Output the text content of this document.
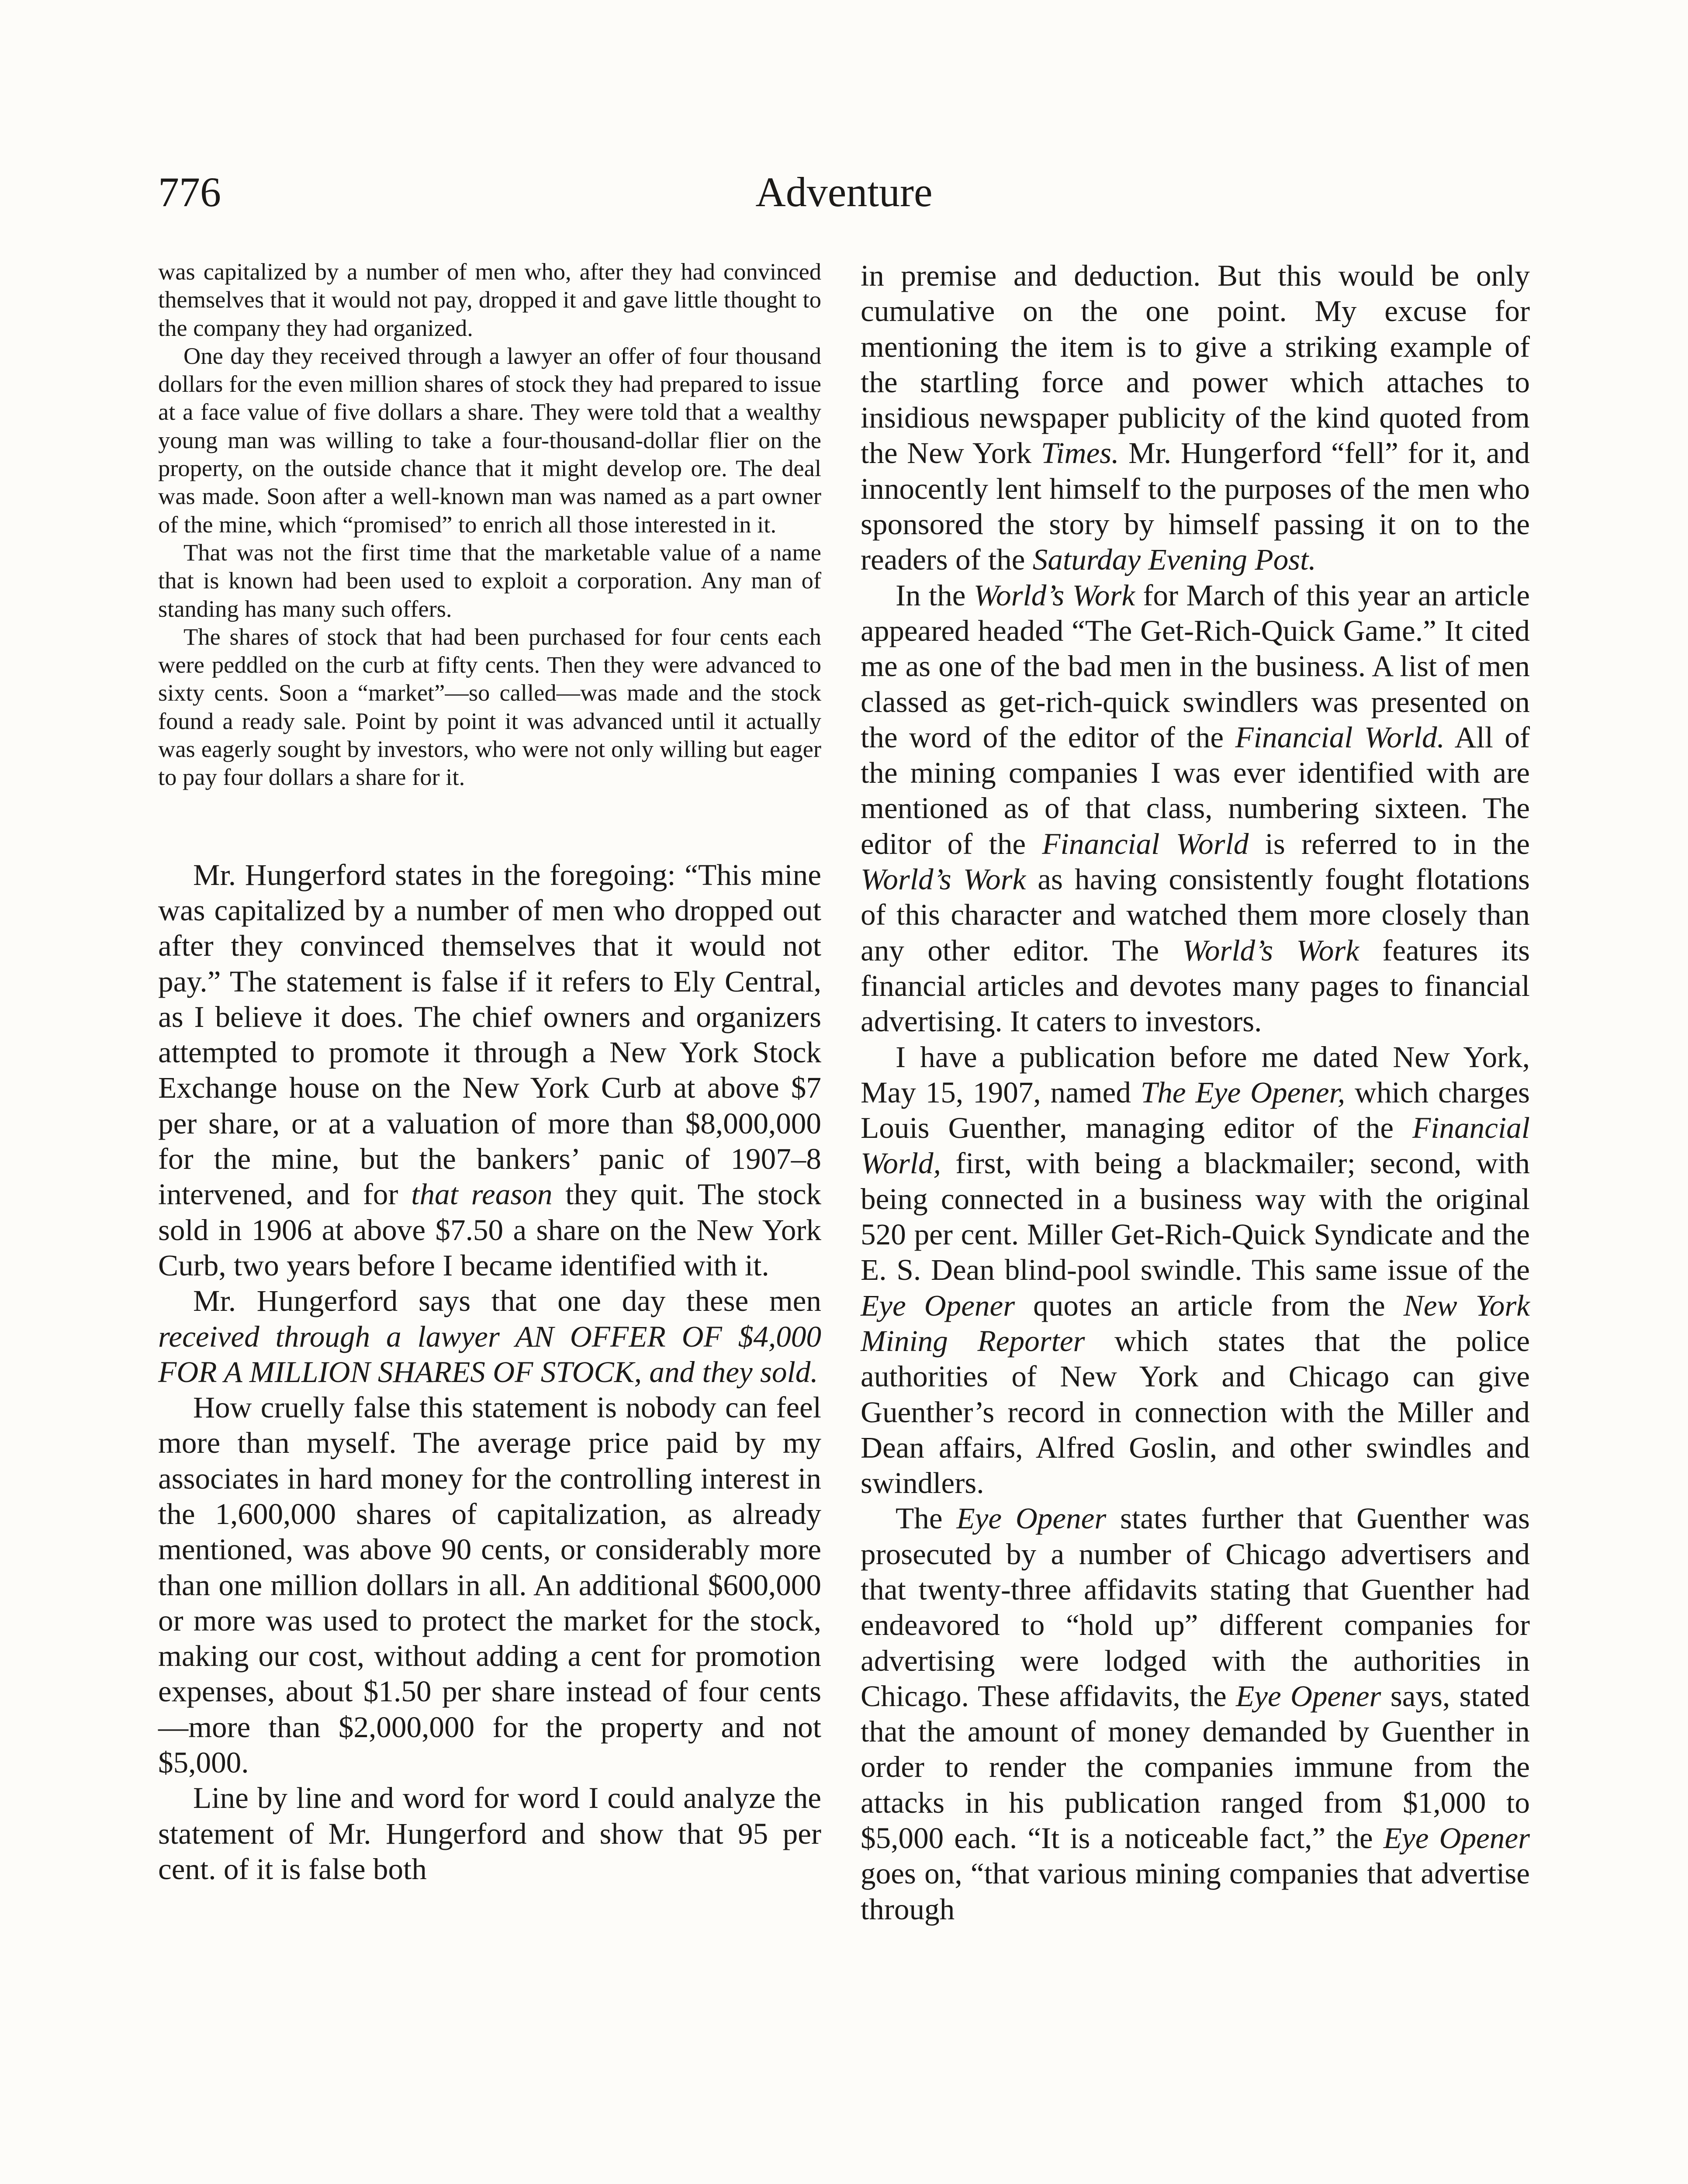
776	Adventure

was capitalized by a number of men who, after they had convinced themselves that it would not pay, dropped it and gave little thought to the company they had organized.

One day they received through a lawyer an offer of four thousand dollars for the even million shares of stock they had prepared to issue at a face value of five dollars a share. They were told that a wealthy young man was willing to take a four-thousand-dollar flier on the property, on the outside chance that it might develop ore. The deal was made. Soon after a well-known man was named as a part owner of the mine, which “promised” to enrich all those interested in it.

That was not the first time that the marketable value of a name that is known had been used to exploit a corporation. Any man of standing has many such offers.

The shares of stock that had been purchased for four cents each were peddled on the curb at fifty cents. Then they were advanced to sixty cents. Soon a “market”—so called—was made and the stock found a ready sale. Point by point it was advanced until it actually was eagerly sought by investors, who were not only willing but eager to pay four dollars a share for it.

Mr. Hungerford states in the foregoing: “This mine was capitalized by a number of men who dropped out after they convinced themselves that it would not pay.” The statement is false if it refers to Ely Central, as I believe it does. The chief owners and organizers attempted to promote it through a New York Stock Exchange house on the New York Curb at above $7 per share, or at a valuation of more than $8,000,000 for the mine, but the bankers’ panic of 1907–8 intervened, and for that reason they quit. The stock sold in 1906 at above $7.50 a share on the New York Curb, two years before I became identified with it.

Mr. Hungerford says that one day these men received through a lawyer AN OFFER OF $4,000 FOR A MILLION SHARES OF STOCK, and they sold.

How cruelly false this statement is nobody can feel more than myself. The average price paid by my associates in hard money for the controlling interest in the 1,600,000 shares of capitalization, as already mentioned, was above 90 cents, or considerably more than one million dollars in all. An additional $600,000 or more was used to protect the market for the stock, making our cost, without adding a cent for promotion expenses, about $1.50 per share instead of four cents—more than $2,000,000 for the property and not $5,000.

Line by line and word for word I could analyze the statement of Mr. Hungerford and show that 95 per cent. of it is false both

in premise and deduction. But this would be only cumulative on the one point. My excuse for mentioning the item is to give a striking example of the startling force and power which attaches to insidious newspaper publicity of the kind quoted from the New York Times. Mr. Hungerford “fell” for it, and innocently lent himself to the purposes of the men who sponsored the story by himself passing it on to the readers of the Saturday Evening Post.

In the World’s Work for March of this year an article appeared headed “The Get-Rich-Quick Game.” It cited me as one of the bad men in the business. A list of men classed as get-rich-quick swindlers was presented on the word of the editor of the Financial World. All of the mining companies I was ever identified with are mentioned as of that class, numbering sixteen. The editor of the Financial World is referred to in the World’s Work as having consistently fought flotations of this character and watched them more closely than any other editor. The World’s Work features its financial articles and devotes many pages to financial advertising. It caters to investors.

I have a publication before me dated New York, May 15, 1907, named The Eye Opener, which charges Louis Guenther, managing editor of the Financial World, first, with being a blackmailer; second, with being connected in a business way with the original 520 per cent. Miller Get-Rich-Quick Syndicate and the E. S. Dean blind-pool swindle. This same issue of the Eye Opener quotes an article from the New York Mining Reporter which states that the police authorities of New York and Chicago can give Guenther’s record in connection with the Miller and Dean affairs, Alfred Goslin, and other swindles and swindlers.

The Eye Opener states further that Guenther was prosecuted by a number of Chicago advertisers and that twenty-three affidavits stating that Guenther had endeavored to “hold up” different companies for advertising were lodged with the authorities in Chicago. These affidavits, the Eye Opener says, stated that the amount of money demanded by Guenther in order to render the companies immune from the attacks in his publication ranged from $1,000 to $5,000 each. “It is a noticeable fact,” the Eye Opener goes on, “that various mining companies that advertise through
